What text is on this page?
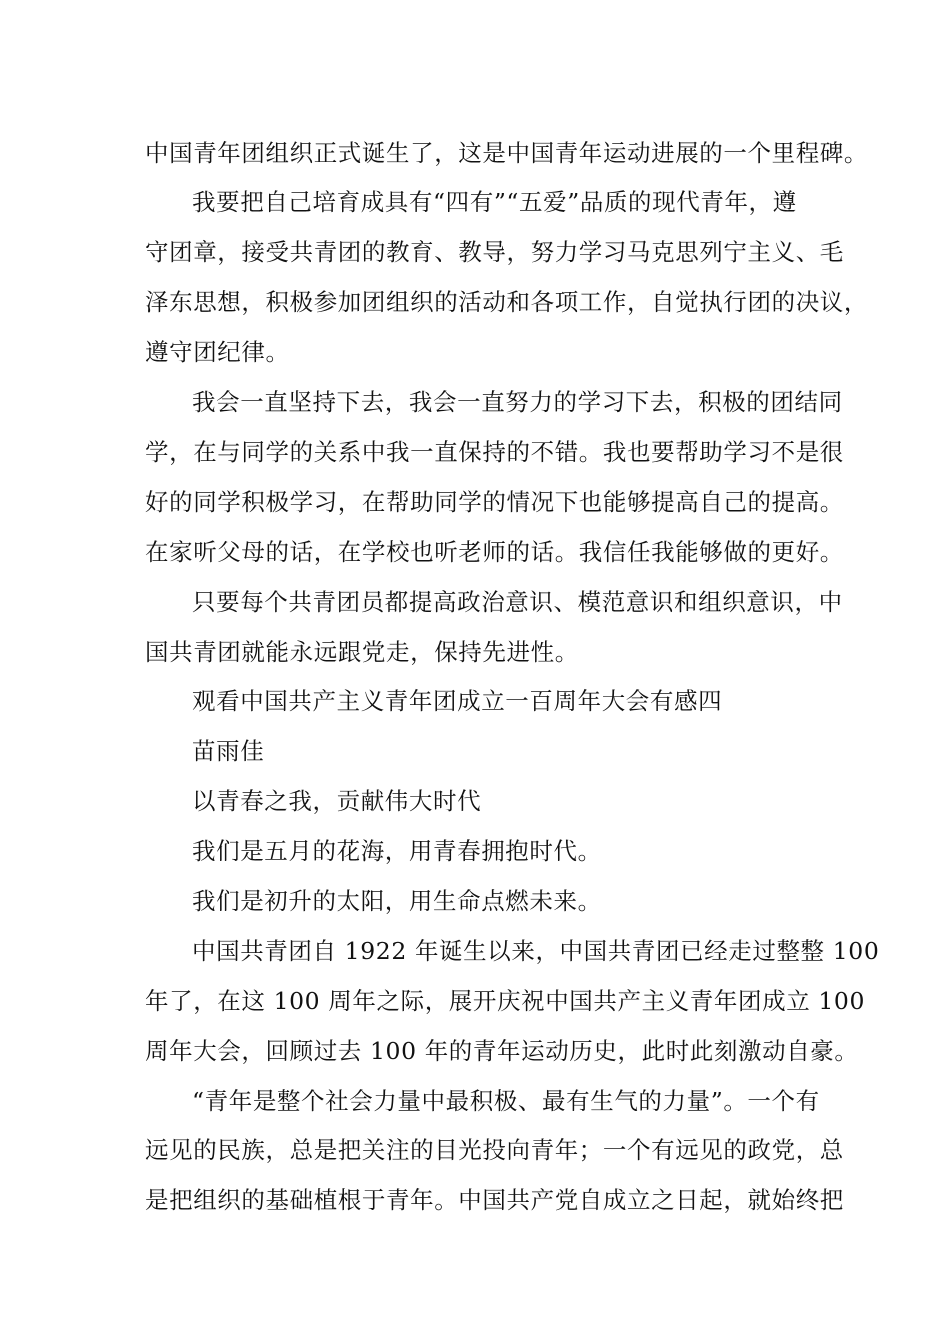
中国青年团组织正式诞生了，这是中国青年运动进展的一个里程碑。
我要把自己培育成具有“四有”“五爱”品质的现代青年，遵
守团章，接受共青团的教育、教导，努力学习马克思列宁主义、毛
泽东思想，积极参加团组织的活动和各项工作，自觉执行团的决议，
遵守团纪律。
我会一直坚持下去，我会一直努力的学习下去，积极的团结同
学，在与同学的关系中我一直保持的不错。我也要帮助学习不是很
好的同学积极学习，在帮助同学的情况下也能够提高自己的提高。
在家听父母的话，在学校也听老师的话。我信任我能够做的更好。
只要每个共青团员都提高政治意识、模范意识和组织意识，中
国共青团就能永远跟党走，保持先进性。
观看中国共产主义青年团成立一百周年大会有感四
苗雨佳
以青春之我，贡献伟大时代
我们是五月的花海，用青春拥抱时代。
我们是初升的太阳，用生命点燃未来。
中国共青团自 1922 年诞生以来，中国共青团已经走过整整 100
年了，在这 100 周年之际，展开庆祝中国共产主义青年团成立 100
周年大会，回顾过去 100 年的青年运动历史，此时此刻激动自豪。
“青年是整个社会力量中最积极、最有生气的力量”。一个有
远见的民族，总是把关注的目光投向青年；一个有远见的政党，总
是把组织的基础植根于青年。中国共产党自成立之日起，就始终把
